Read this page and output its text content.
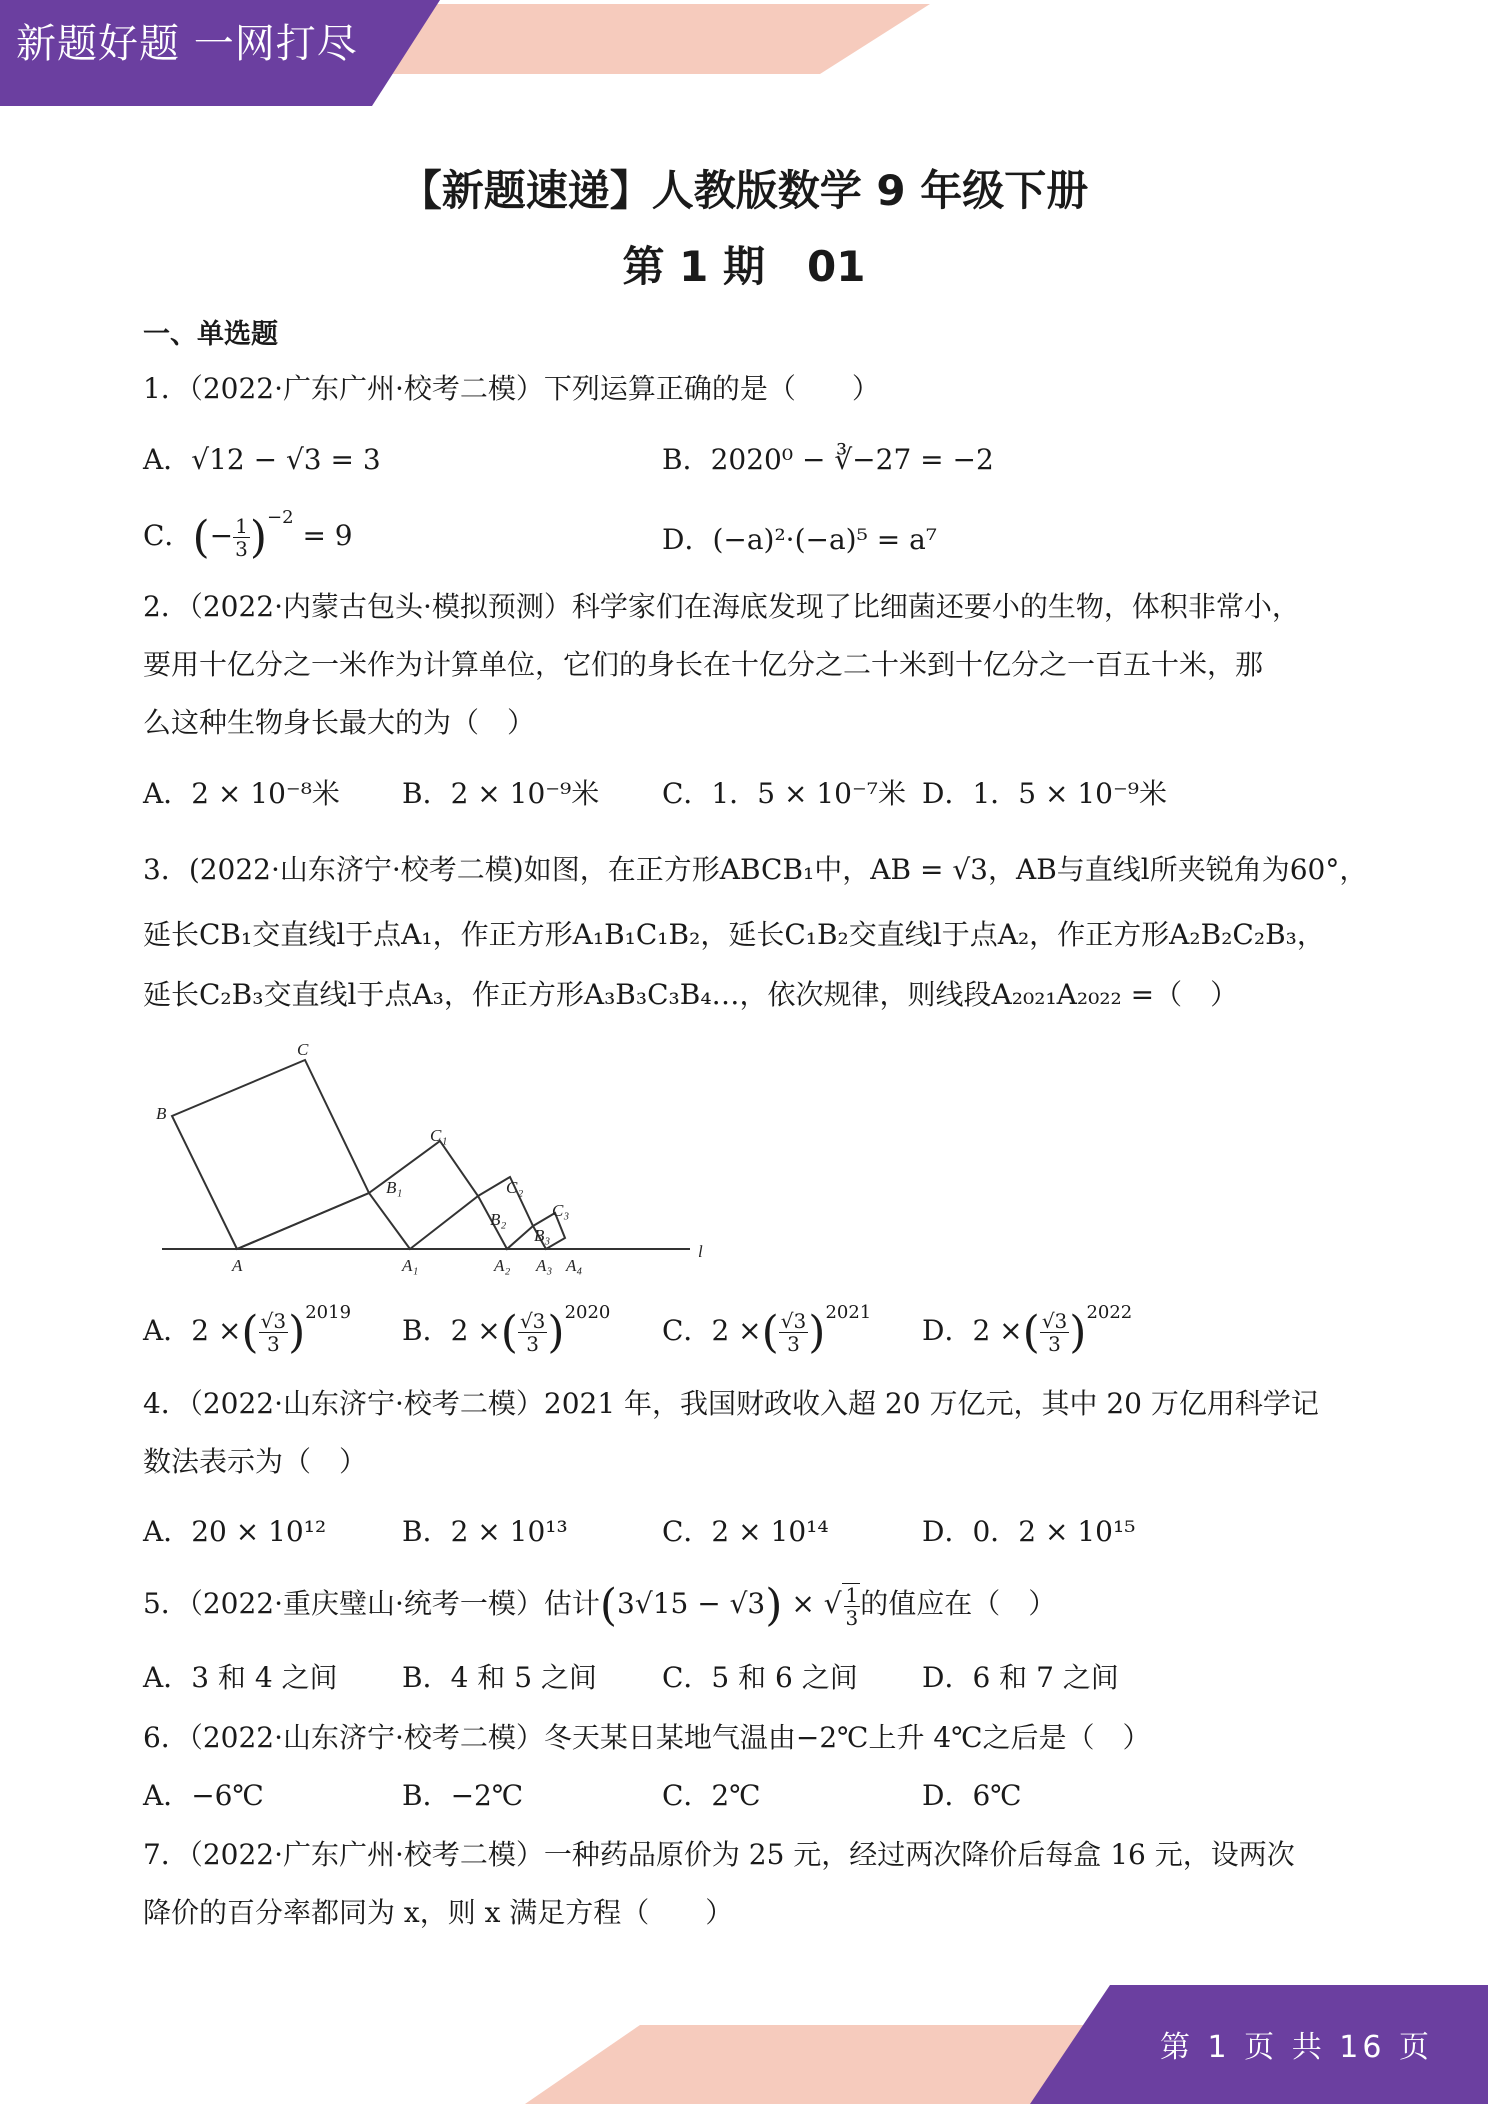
新题好题 一网打尽
【新题速递】人教版数学 9 年级下册
第 1 期　01
一、单选题
1．（2022·广东广州·校考二模）下列运算正确的是（　　）
A．√12 − √3 = 3	B．2020⁰ − ∛−27 = −2
C．(− $\frac{1}{3} )^{-2} = 9$	D．(−a)²·(−a)⁵ = a⁷
2．（2022·内蒙古包头·模拟预测）科学家们在海底发现了比细菌还要小的生物，体积非常小，
要用十亿分之一米作为计算单位，它们的身长在十亿分之二十米到十亿分之一百五十米，那
么这种生物身长最大的为（　）
A．2 × 10⁻⁸米 B．2 × 10⁻⁹米 C．1．5 × 10⁻⁷米 D．1．5 × 10⁻⁹米
3．(2022·山东济宁·校考二模)如图，在正方形ABCB₁中，AB = √3，AB与直线l所夹锐角为60°，
延长CB₁交直线l于点A₁，作正方形A₁B₁C₁B₂，延长C₁B₂交直线l于点A₂，作正方形A₂B₂C₂B₃，
延长C₂B₃交直线l于点A₃，作正方形A₃B₃C₃B₄…，依次规律，则线段A₂₀₂₁A₂₀₂₂ =（　）
C
B
C₁
B₁	C₂
B₂	C₃
B₃
A	A₁	A₂ A₃ A₄
l
A．2 ×( $\frac{√3}{3} )^{2019}$
B．2 ×( $\frac{√3}{3} )^{2020}$
C．2 ×( $\frac{√3}{3} )^{2021}$
D．2 ×( $\frac{√3}{3} )^{2022}$
4．（2022·山东济宁·校考二模）2021 年，我国财政收入超 20 万亿元，其中 20 万亿用科学记
数法表示为（　）
A．20 × 10¹²	B．2 × 10¹³	C．2 × 10¹⁴	D．0．2 × 10¹⁵
5．（2022·重庆璧山·统考一模）估计(3√15 − √3) × √ $\frac{1}{3}$ 的值应在（　）
A．3 和 4 之间 B．4 和 5 之间 C．5 和 6 之间 D．6 和 7 之间
6．（2022·山东济宁·校考二模）冬天某日某地气温由−2℃上升 4℃之后是（　）
A．−6℃	B．−2℃	C．2℃	D．6℃
7．（2022·广东广州·校考二模）一种药品原价为 25 元，经过两次降价后每盒 16 元，设两次
降价的百分率都同为 x，则 x 满足方程（　　）
第 1 页 共 16 页
